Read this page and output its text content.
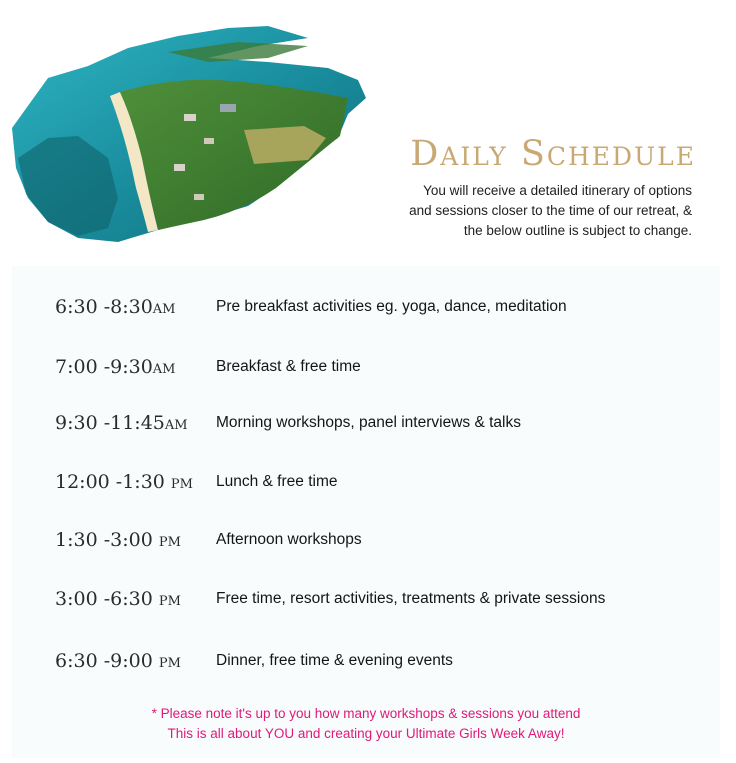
Daily Schedule
You will receive a detailed itinerary of options
and sessions closer to the time of our retreat, &
the below outline is subject to change.
6:30 -8:30am	Pre breakfast activities eg. yoga, dance, meditation
7:00 -9:30am	Breakfast & free time
9:30 -11:45am Morning workshops, panel interviews & talks
12:00 -1:30 pm Lunch & free time
1:30 -3:00 pm Afternoon workshops
3:00 -6:30 pm Free time, resort activities, treatments & private sessions
6:30 -9:00 pm Dinner, free time & evening events
* Please note it's up to you how many workshops & sessions you attend
This is all about YOU and creating your Ultimate Girls Week Away!
